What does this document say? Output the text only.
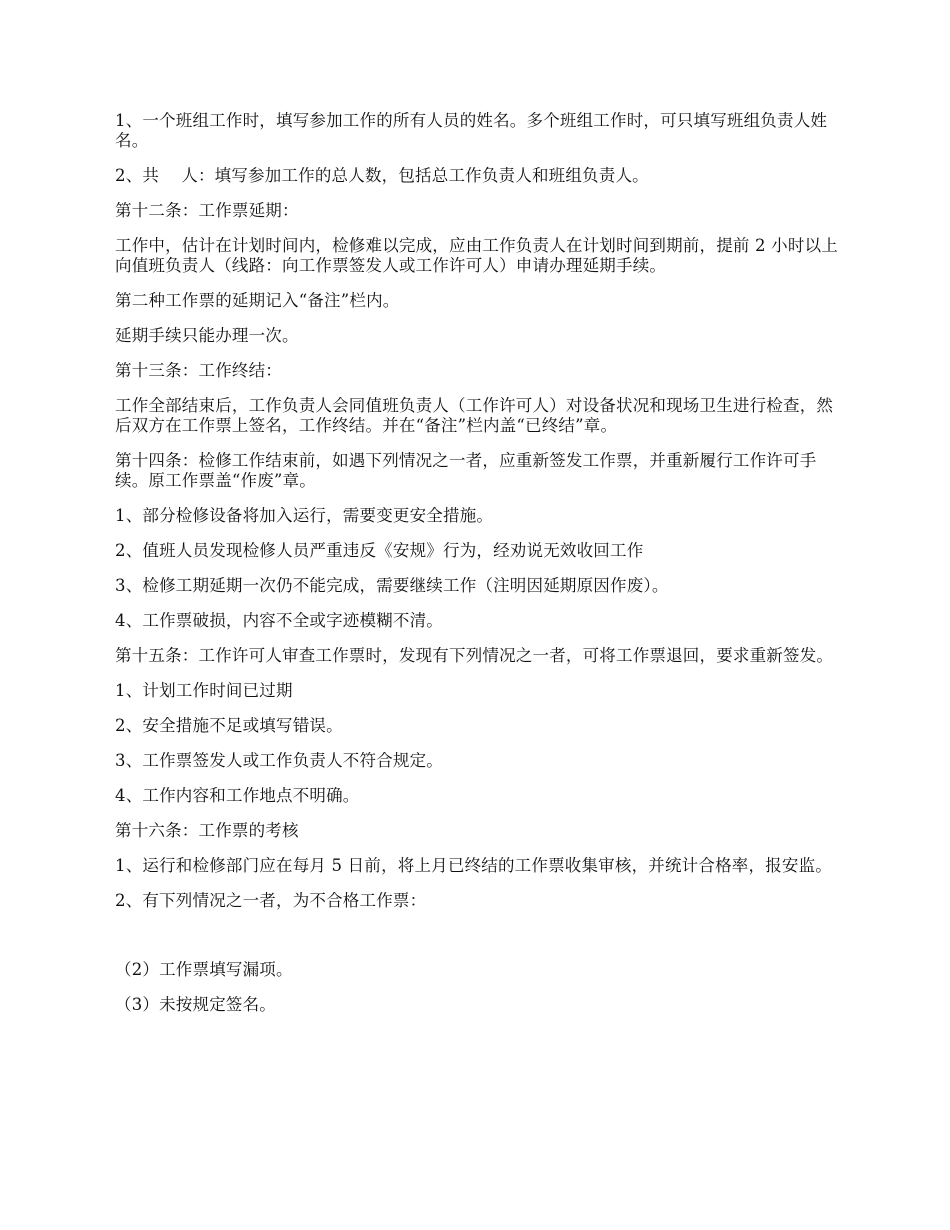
1、一个班组工作时，填写参加工作的所有人员的姓名。多个班组工作时，可只填写班组负责人姓名。

2、共　 人：填写参加工作的总人数，包括总工作负责人和班组负责人。

第十二条：工作票延期：

工作中，估计在计划时间内，检修难以完成，应由工作负责人在计划时间到期前，提前 2 小时以上向值班负责人（线路：向工作票签发人或工作许可人）申请办理延期手续。

第二种工作票的延期记入“备注”栏内。

延期手续只能办理一次。

第十三条：工作终结：

工作全部结束后，工作负责人会同值班负责人（工作许可人）对设备状况和现场卫生进行检查，然后双方在工作票上签名，工作终结。并在“备注”栏内盖“已终结”章。

第十四条：检修工作结束前，如遇下列情况之一者，应重新签发工作票，并重新履行工作许可手续。原工作票盖“作废”章。

1、部分检修设备将加入运行，需要变更安全措施。

2、值班人员发现检修人员严重违反《安规》行为，经劝说无效收回工作

3、检修工期延期一次仍不能完成，需要继续工作（注明因延期原因作废）。

4、工作票破损，内容不全或字迹模糊不清。

第十五条：工作许可人审查工作票时，发现有下列情况之一者，可将工作票退回，要求重新签发。

1、计划工作时间已过期

2、安全措施不足或填写错误。

3、工作票签发人或工作负责人不符合规定。

4、工作内容和工作地点不明确。

第十六条：工作票的考核

1、运行和检修部门应在每月 5 日前，将上月已终结的工作票收集审核，并统计合格率，报安监。

2、有下列情况之一者，为不合格工作票：

（2）工作票填写漏项。

（3）未按规定签名。
